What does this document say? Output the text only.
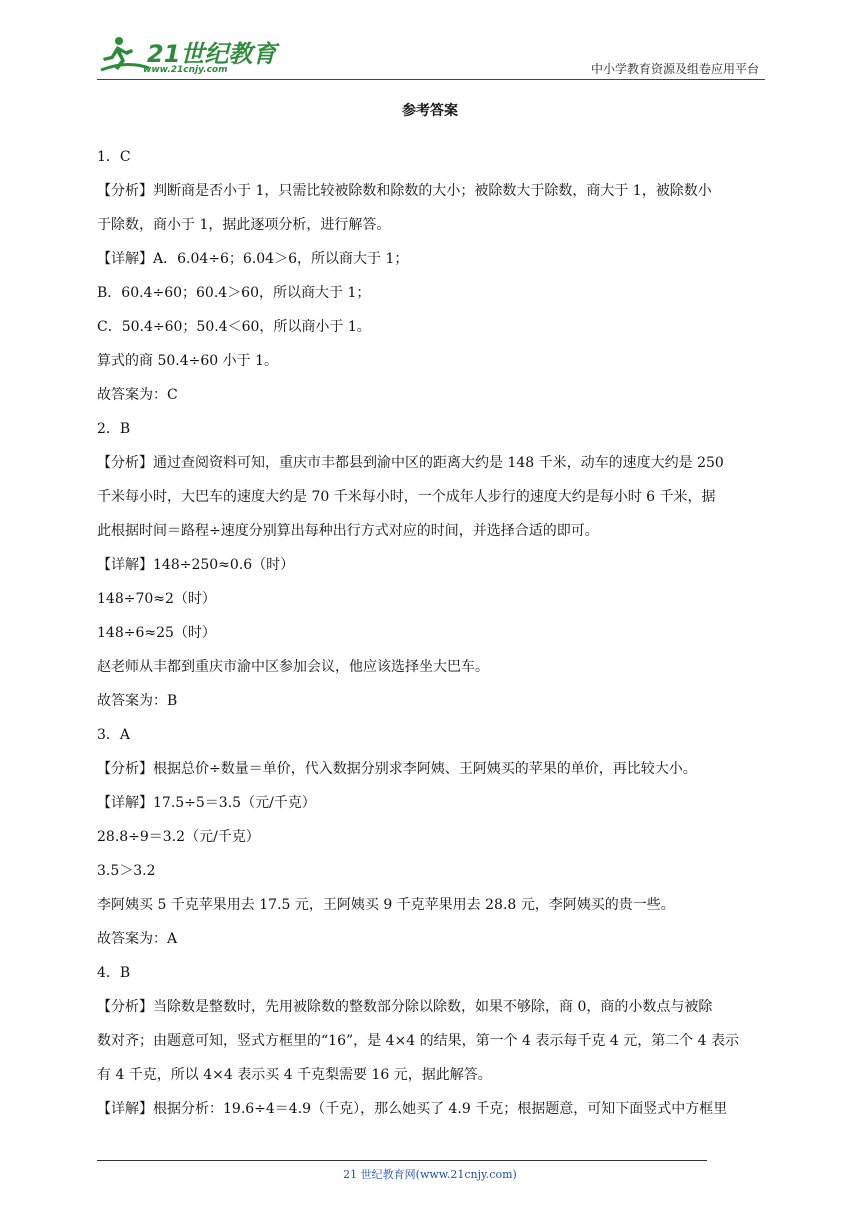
21世纪教育
www.21cnjy.com	中小学教育资源及组卷应用平台
参考答案
1．C
【分析】判断商是否小于 1，只需比较被除数和除数的大小；被除数大于除数，商大于 1，被除数小
于除数，商小于 1，据此逐项分析，进行解答。
【详解】A．6.04÷6；6.04＞6，所以商大于 1；
B．60.4÷60；60.4＞60，所以商大于 1；
C．50.4÷60；50.4＜60，所以商小于 1。
算式的商 50.4÷60 小于 1。
故答案为：C
2．B
【分析】通过查阅资料可知，重庆市丰都县到渝中区的距离大约是 148 千米，动车的速度大约是 250
千米每小时，大巴车的速度大约是 70 千米每小时，一个成年人步行的速度大约是每小时 6 千米，据
此根据时间＝路程÷速度分别算出每种出行方式对应的时间，并选择合适的即可。
【详解】148÷250≈0.6（时）
148÷70≈2（时）
148÷6≈25（时）
赵老师从丰都到重庆市渝中区参加会议，他应该选择坐大巴车。
故答案为：B
3．A
【分析】根据总价÷数量＝单价，代入数据分别求李阿姨、王阿姨买的苹果的单价，再比较大小。
【详解】17.5÷5＝3.5（元/千克）
28.8÷9＝3.2（元/千克）
3.5＞3.2
李阿姨买 5 千克苹果用去 17.5 元，王阿姨买 9 千克苹果用去 28.8 元，李阿姨买的贵一些。
故答案为：A
4．B
【分析】当除数是整数时，先用被除数的整数部分除以除数，如果不够除，商 0，商的小数点与被除
数对齐；由题意可知，竖式方框里的“16”，是 4×4 的结果，第一个 4 表示每千克 4 元，第二个 4 表示
有 4 千克，所以 4×4 表示买 4 千克梨需要 16 元，据此解答。
【详解】根据分析：19.6÷4＝4.9（千克），那么她买了 4.9 千克；根据题意，可知下面竖式中方框里
21 世纪教育网(www.21cnjy.com)
